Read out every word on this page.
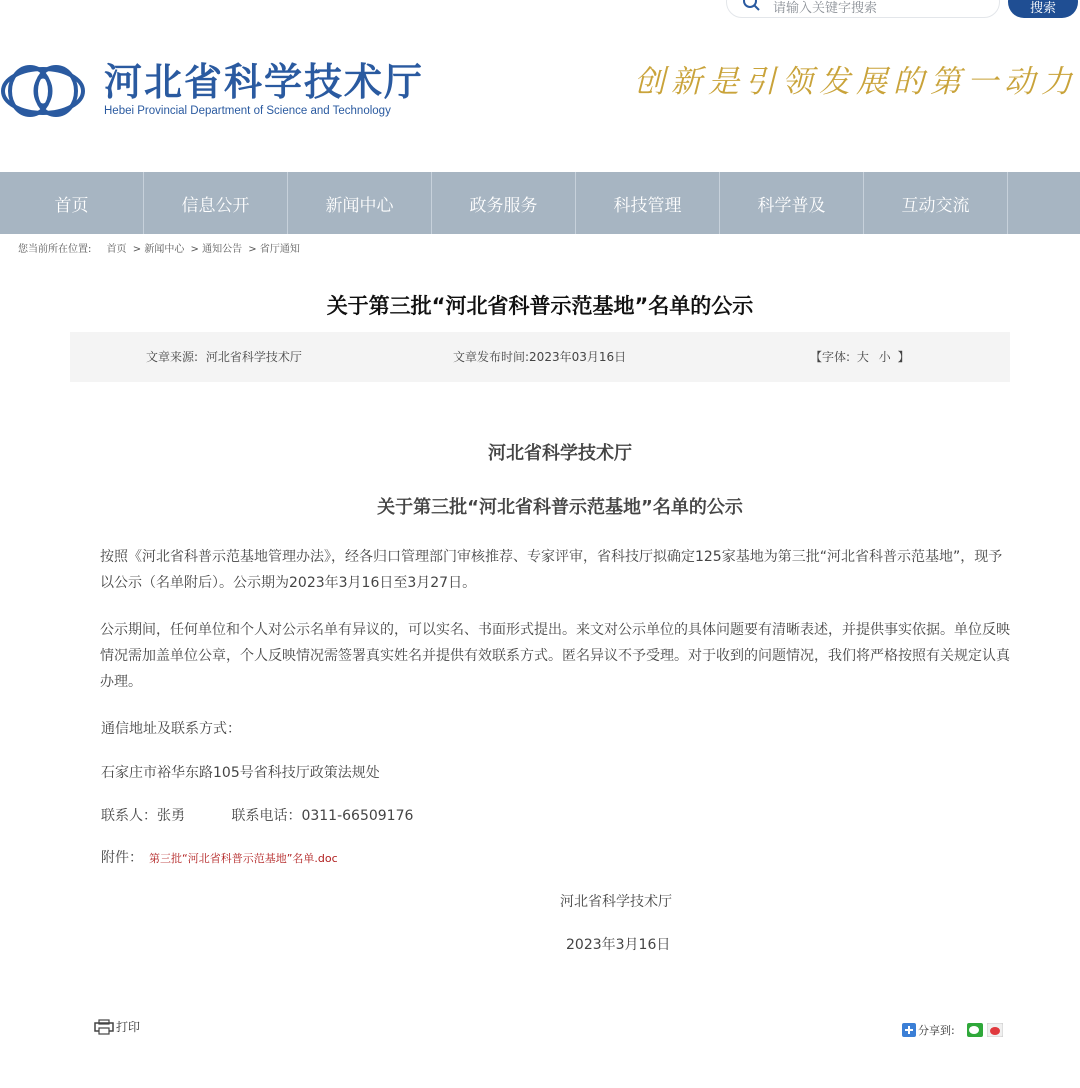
请输入关键字搜索
搜索
河北省科学技术厅
Hebei Provincial Department of Science and Technology
创新是引领发展的第一动力
首页	信息公开	新闻中心	政务服务	科技管理	科学普及	互动交流
您当前所在位置: 首页 > 新闻中心 > 通知公告 > 省厅通知
关于第三批“河北省科普示范基地”名单的公示
文章来源: 河北省科学技术厅	文章发布时间:2023年03月16日	【字体: 大 小 】
河北省科学技术厅
关于第三批“河北省科普示范基地”名单的公示
按照《河北省科普示范基地管理办法》，经各归口管理部门审核推荐、专家评审，省科技厅拟确定125家基地为第三批“河北省科普示范基地”，现予以公示（名单附后）。公示期为2023年3月16日至3月27日。
公示期间，任何单位和个人对公示名单有异议的，可以实名、书面形式提出。来文对公示单位的具体问题要有清晰表述，并提供事实依据。单位反映情况需加盖单位公章，个人反映情况需签署真实姓名并提供有效联系方式。匿名异议不予受理。对于收到的问题情况，我们将严格按照有关规定认真办理。
通信地址及联系方式：
石家庄市裕华东路105号省科技厅政策法规处
联系人：张勇	联系电话：0311-66509176
附件： 第三批“河北省科普示范基地”名单.doc
河北省科学技术厅
2023年3月16日
打印	分享到:
